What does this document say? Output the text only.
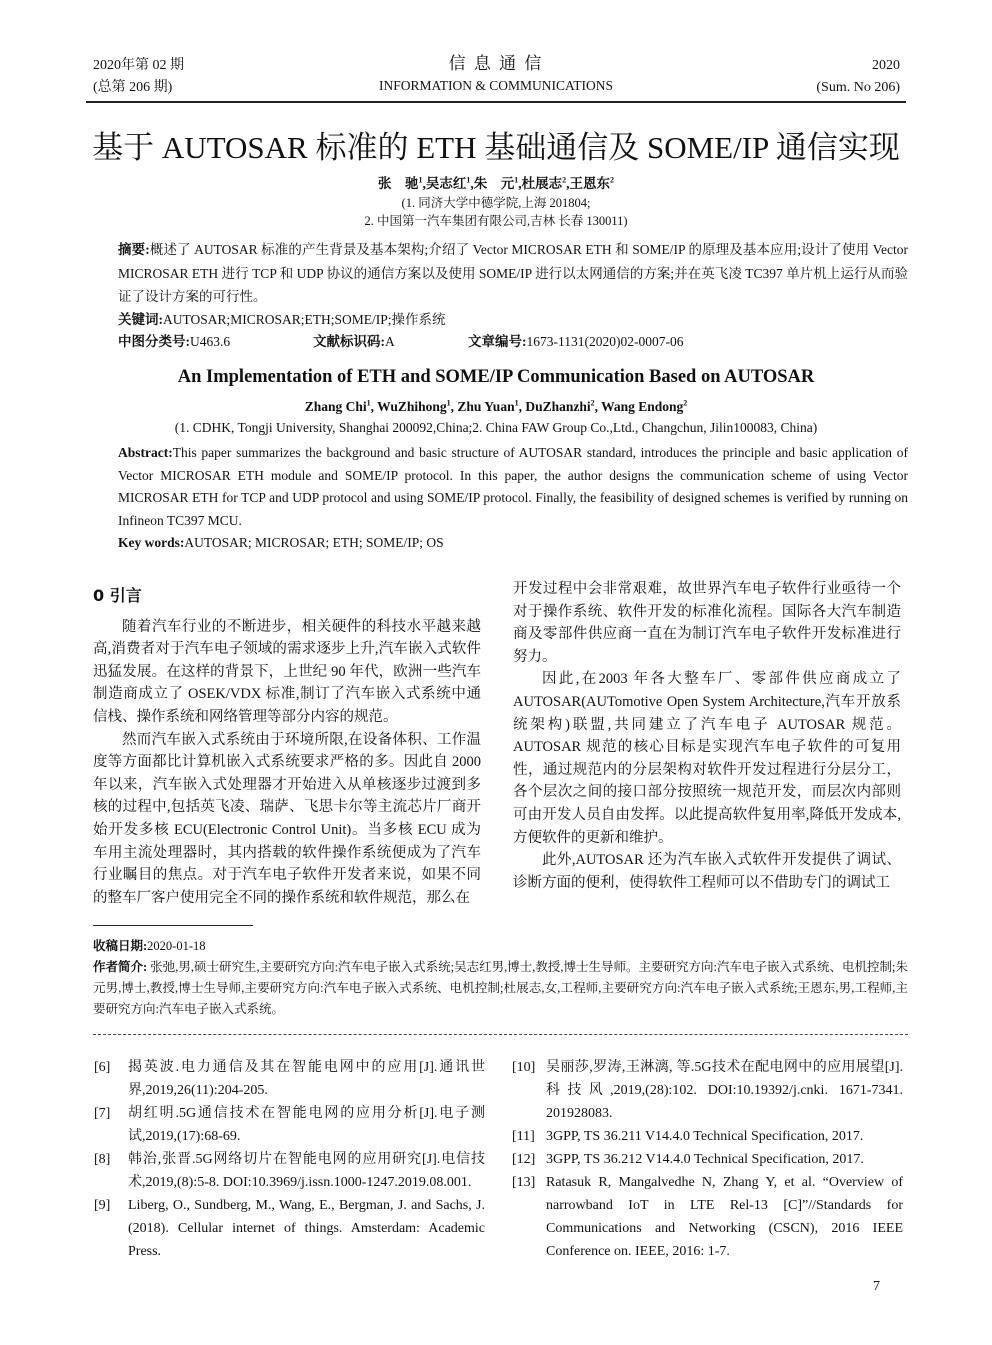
2020年第 02 期
(总第 206 期)
信 息 通 信
INFORMATION & COMMUNICATIONS
2020
(Sum. No 206)
基于 AUTOSAR 标准的 ETH 基础通信及 SOME/IP 通信实现
张　驰$^1$,吴志红$^1$,朱　元$^1$,杜展志$^2$,王恩东$^2$
(1. 同济大学中德学院,上海 201804;
2. 中国第一汽车集团有限公司,吉林 长春 130011)
摘要:概述了 AUTOSAR 标准的产生背景及基本架构;介绍了 Vector MICROSAR ETH 和 SOME/IP 的原理及基本应用;设计了使用 Vector MICROSAR ETH 进行 TCP 和 UDP 协议的通信方案以及使用 SOME/IP 进行以太网通信的方案;并在英飞凌 TC397 单片机上运行从而验证了设计方案的可行性。
关键词:AUTOSAR;MICROSAR;ETH;SOME/IP;操作系统
中图分类号:U463.6	文献标识码:A	文章编号:1673-1131(2020)02-0007-06
An Implementation of ETH and SOME/IP Communication Based on AUTOSAR
Zhang Chi$^1$, WuZhihong$^1$, Zhu Yuan$^1$, DuZhanzhi$^2$, Wang Endong$^2$
(1. CDHK, Tongji University, Shanghai 200092,China;2. China FAW Group Co.,Ltd., Changchun, Jilin100083, China)
Abstract:This paper summarizes the background and basic structure of AUTOSAR standard, introduces the principle and basic application of Vector MICROSAR ETH module and SOME/IP protocol. In this paper, the author designs the communication scheme of using Vector MICROSAR ETH for TCP and UDP protocol and using SOME/IP protocol. Finally, the feasibility of designed schemes is verified by running on Infineon TC397 MCU.
Key words:AUTOSAR; MICROSAR; ETH; SOME/IP; OS
0 引言

随着汽车行业的不断进步，相关硬件的科技水平越来越高,消费者对于汽车电子领域的需求逐步上升,汽车嵌入式软件迅猛发展。在这样的背景下，上世纪 90 年代，欧洲一些汽车制造商成立了 OSEK/VDX 标准,制订了汽车嵌入式系统中通信栈、操作系统和网络管理等部分内容的规范。

然而汽车嵌入式系统由于环境所限,在设备体积、工作温度等方面都比计算机嵌入式系统要求严格的多。因此自 2000 年以来，汽车嵌入式处理器才开始进入从单核逐步过渡到多核的过程中,包括英飞凌、瑞萨、飞思卡尔等主流芯片厂商开始开发多核 ECU(Electronic Control Unit)。当多核 ECU 成为车用主流处理器时，其内搭载的软件操作系统便成为了汽车行业瞩目的焦点。对于汽车电子软件开发者来说，如果不同的整车厂客户使用完全不同的操作系统和软件规范，那么在

开发过程中会非常艰难，故世界汽车电子软件行业亟待一个对于操作系统、软件开发的标准化流程。国际各大汽车制造商及零部件供应商一直在为制订汽车电子软件开发标准进行努力。

因此,在2003 年各大整车厂、零部件供应商成立了 AUTOSAR(AUTomotive Open System Architecture,汽车开放系统架构)联盟,共同建立了汽车电子 AUTOSAR 规范。AUTOSAR 规范的核心目标是实现汽车电子软件的可复用性，通过规范内的分层架构对软件开发过程进行分层分工，各个层次之间的接口部分按照统一规范开发，而层次内部则可由开发人员自由发挥。以此提高软件复用率,降低开发成本,方便软件的更新和维护。

此外,AUTOSAR 还为汽车嵌入式软件开发提供了调试、诊断方面的便利，使得软件工程师可以不借助专门的调试工

收稿日期:2020-01-18
作者简介: 张弛,男,硕士研究生,主要研究方向:汽车电子嵌入式系统;吴志红男,博士,教授,博士生导师。主要研究方向:汽车电子嵌入式系统、电机控制;朱元男,博士,教授,博士生导师,主要研究方向:汽车电子嵌入式系统、电机控制;杜展志,女,工程师,主要研究方向:汽车电子嵌入式系统;王恩东,男,工程师,主要研究方向:汽车电子嵌入式系统。
[6]	揭英波.电力通信及其在智能电网中的应用[J].通讯世界,2019,26(11):204-205.
[7]	胡红明.5G通信技术在智能电网的应用分析[J].电子测试,2019,(17):68-69.
[8]	韩治,张晋.5G网络切片在智能电网的应用研究[J].电信技术,2019,(8):5-8. DOI:10.3969/j.issn.1000-1247.2019.08.001.
[9]	Liberg, O., Sundberg, M., Wang, E., Bergman, J. and Sachs, J. (2018). Cellular internet of things. Amsterdam: Academic Press.
[10] 吴丽莎,罗涛,王淋漓, 等.5G技术在配电网中的应用展望[J].科技风,2019,(28):102. DOI:10.19392/j.cnki. 1671-7341. 201928083.
[11] 3GPP, TS 36.211 V14.4.0 Technical Specification, 2017.
[12] 3GPP, TS 36.212 V14.4.0 Technical Specification, 2017.
[13] Ratasuk R, Mangalvedhe N, Zhang Y, et al. “Overview of narrowband IoT in LTE Rel-13 [C]”//Standards for Communications and Networking (CSCN), 2016 IEEE Conference on. IEEE, 2016: 1-7.
7
